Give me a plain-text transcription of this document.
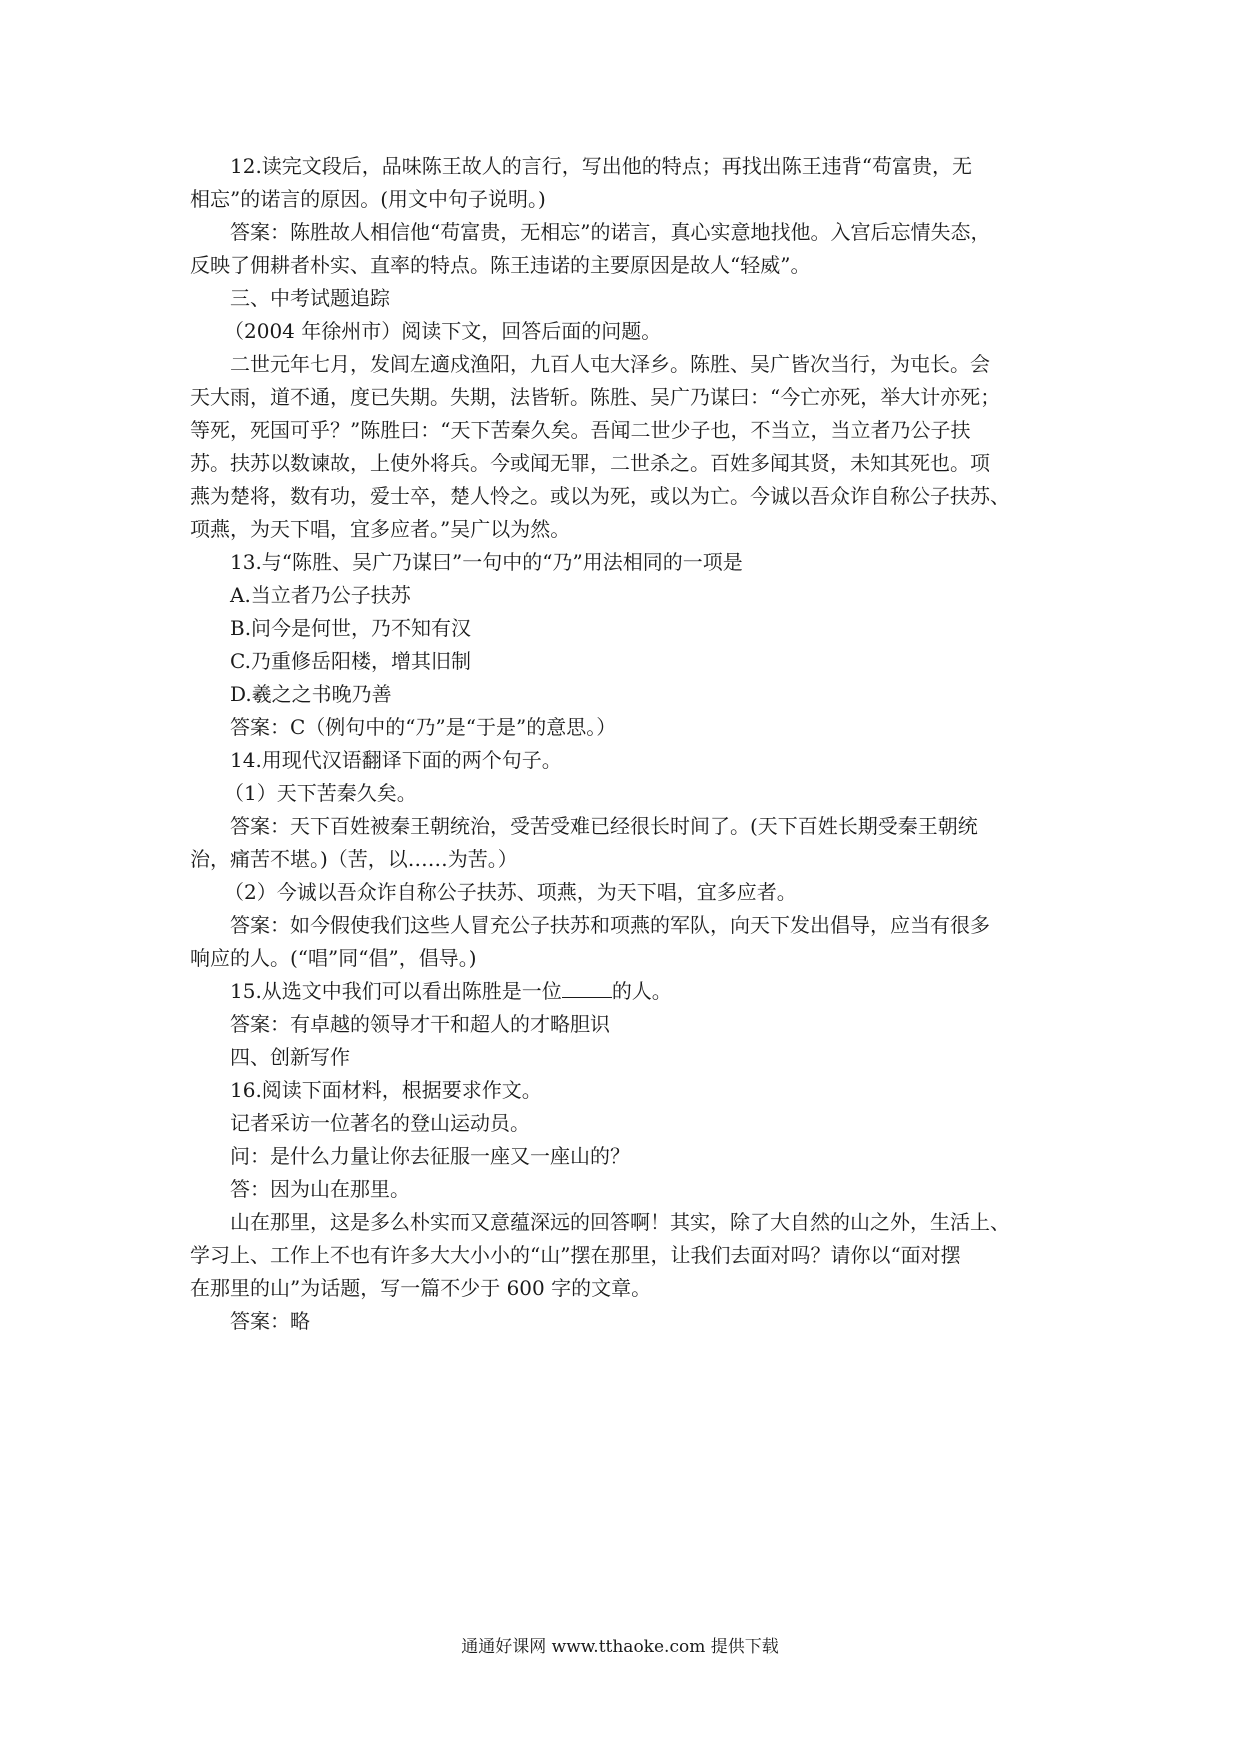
12.读完文段后，品味陈王故人的言行，写出他的特点；再找出陈王违背“苟富贵，无

相忘”的诺言的原因。(用文中句子说明。)

答案：陈胜故人相信他“苟富贵，无相忘”的诺言，真心实意地找他。入宫后忘情失态，

反映了佣耕者朴实、直率的特点。陈王违诺的主要原因是故人“轻威”。

三、中考试题追踪

（2004 年徐州市）阅读下文，回答后面的问题。

二世元年七月，发闾左適戍渔阳，九百人屯大泽乡。陈胜、吴广皆次当行，为屯长。会

天大雨，道不通，度已失期。失期，法皆斩。陈胜、吴广乃谋曰：“今亡亦死，举大计亦死；

等死，死国可乎？”陈胜曰：“天下苦秦久矣。吾闻二世少子也，不当立，当立者乃公子扶

苏。扶苏以数谏故，上使外将兵。今或闻无罪，二世杀之。百姓多闻其贤，未知其死也。项

燕为楚将，数有功，爱士卒，楚人怜之。或以为死，或以为亡。今诚以吾众诈自称公子扶苏、

项燕，为天下唱，宜多应者。”吴广以为然。

13.与“陈胜、吴广乃谋曰”一句中的“乃”用法相同的一项是

A.当立者乃公子扶苏

B.问今是何世，乃不知有汉

C.乃重修岳阳楼，增其旧制

D.羲之之书晚乃善

答案：C（例句中的“乃”是“于是”的意思。）

14.用现代汉语翻译下面的两个句子。

（1）天下苦秦久矣。

答案：天下百姓被秦王朝统治，受苦受难已经很长时间了。(天下百姓长期受秦王朝统

治，痛苦不堪。)（苦，以……为苦。）

（2）今诚以吾众诈自称公子扶苏、项燕，为天下唱，宜多应者。

答案：如今假使我们这些人冒充公子扶苏和项燕的军队，向天下发出倡导，应当有很多

响应的人。(“唱”同“倡”，倡导。)

15.从选文中我们可以看出陈胜是一位	的人。

答案：有卓越的领导才干和超人的才略胆识

四、创新写作

16.阅读下面材料，根据要求作文。

记者采访一位著名的登山运动员。

问：是什么力量让你去征服一座又一座山的？

答：因为山在那里。

山在那里，这是多么朴实而又意蕴深远的回答啊！其实，除了大自然的山之外，生活上、

学习上、工作上不也有许多大大小小的“山”摆在那里，让我们去面对吗？请你以“面对摆

在那里的山”为话题，写一篇不少于 600 字的文章。

答案：略

通通好课网 www.tthaoke.com 提供下载
